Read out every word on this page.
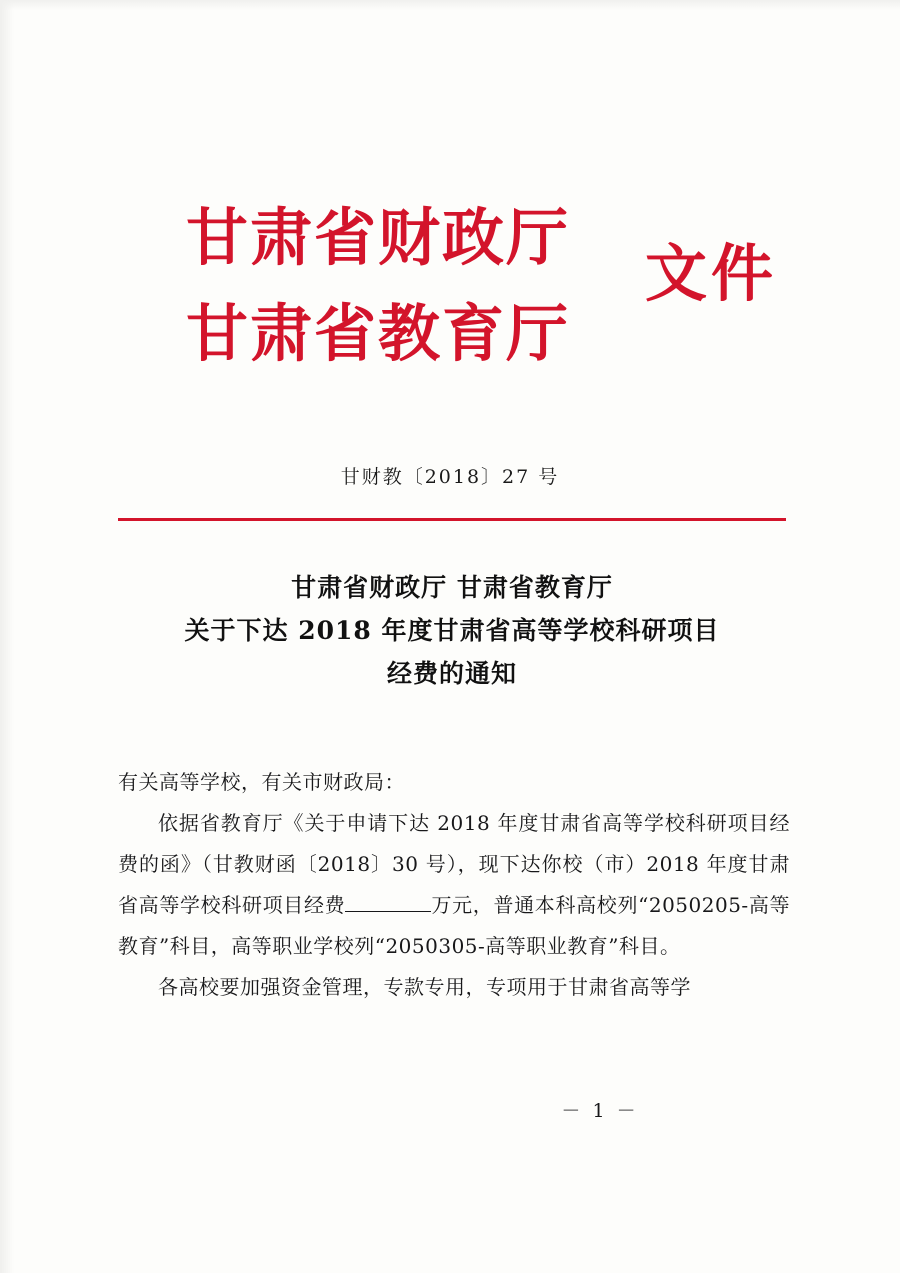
甘肃省财政厅
甘肃省教育厅
文件
甘财教〔2018〕27 号
甘肃省财政厅 甘肃省教育厅
关于下达 2018 年度甘肃省高等学校科研项目
经费的通知

有关高等学校，有关市财政局：

依据省教育厅《关于申请下达 2018 年度甘肃省高等学校科研项目经费的函》（甘教财函〔2018〕30 号），现下达你校（市）2018 年度甘肃省高等学校科研项目经费	万元，普通本科高校列“2050205-高等教育”科目，高等职业学校列“2050305-高等职业教育”科目。

各高校要加强资金管理，专款专用，专项用于甘肃省高等学

－ 1 －
